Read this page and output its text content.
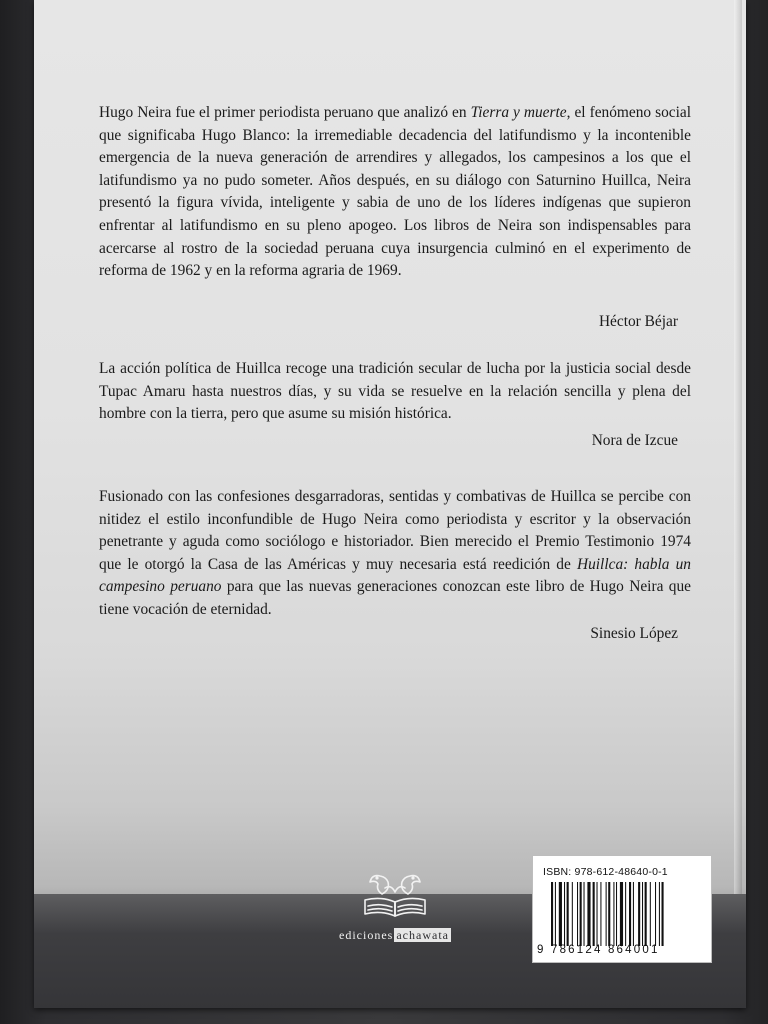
Hugo Neira fue el primer periodista peruano que analizó en Tierra y muerte, el fenómeno social que significaba Hugo Blanco: la irremediable decadencia del latifundismo y la incontenible emergencia de la nueva generación de arrendires y allegados, los campesinos a los que el latifundismo ya no pudo someter. Años después, en su diálogo con Saturnino Huillca, Neira presentó la figura vívida, inteligente y sabia de uno de los líderes indígenas que supieron enfrentar al latifundismo en su pleno apogeo. Los libros de Neira son indispensables para acercarse al rostro de la sociedad peruana cuya insurgencia culminó en el experimento de reforma de 1962 y en la reforma agraria de 1969.

Héctor Béjar

La acción política de Huillca recoge una tradición secular de lucha por la justicia social desde Tupac Amaru hasta nuestros días, y su vida se resuelve en la relación sencilla y plena del hombre con la tierra, pero que asume su misión histórica.

Nora de Izcue

Fusionado con las confesiones desgarradoras, sentidas y combativas de Huillca se percibe con nitidez el estilo inconfundible de Hugo Neira como periodista y escritor y la observación penetrante y aguda como sociólogo e historiador. Bien merecido el Premio Testimonio 1974 que le otorgó la Casa de las Américas y muy necesaria está reedición de Huillca: habla un campesino peruano para que las nuevas generaciones conozcan este libro de Hugo Neira que tiene vocación de eternidad.

Sinesio López
ediciones achawata
ISBN: 978-612-48640-0-1
9 786124 864001
